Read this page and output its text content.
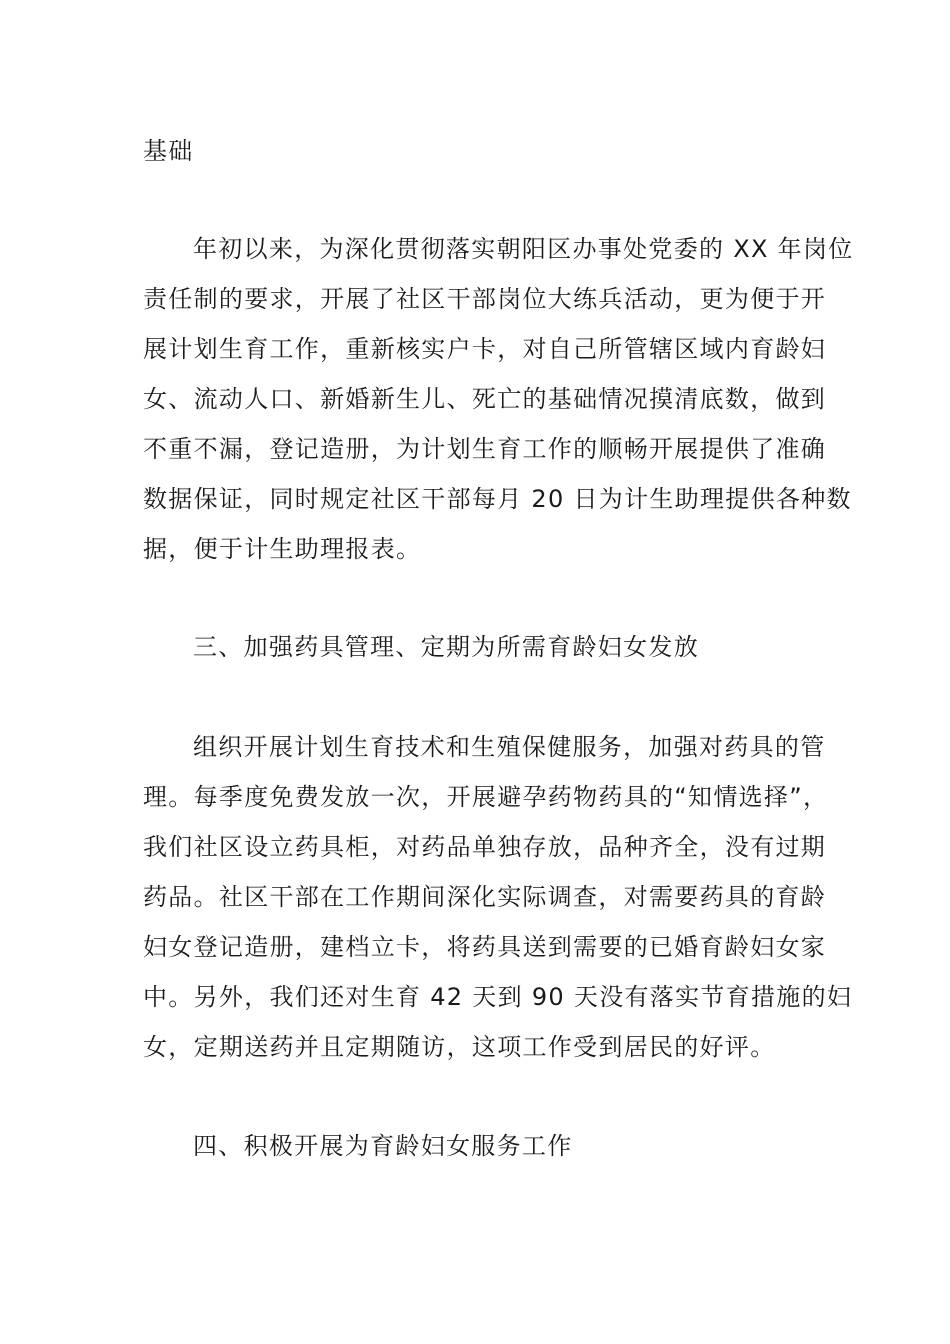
基础
年初以来，为深化贯彻落实朝阳区办事处党委的 XX 年岗位
责任制的要求，开展了社区干部岗位大练兵活动，更为便于开
展计划生育工作，重新核实户卡，对自己所管辖区域内育龄妇
女、流动人口、新婚新生儿、死亡的基础情况摸清底数，做到
不重不漏，登记造册，为计划生育工作的顺畅开展提供了准确
数据保证，同时规定社区干部每月 20 日为计生助理提供各种数
据，便于计生助理报表。
三、加强药具管理、定期为所需育龄妇女发放
组织开展计划生育技术和生殖保健服务，加强对药具的管
理。每季度免费发放一次，开展避孕药物药具的“知情选择”，
我们社区设立药具柜，对药品单独存放，品种齐全，没有过期
药品。社区干部在工作期间深化实际调查，对需要药具的育龄
妇女登记造册，建档立卡，将药具送到需要的已婚育龄妇女家
中。另外，我们还对生育 42 天到 90 天没有落实节育措施的妇
女，定期送药并且定期随访，这项工作受到居民的好评。
四、积极开展为育龄妇女服务工作
